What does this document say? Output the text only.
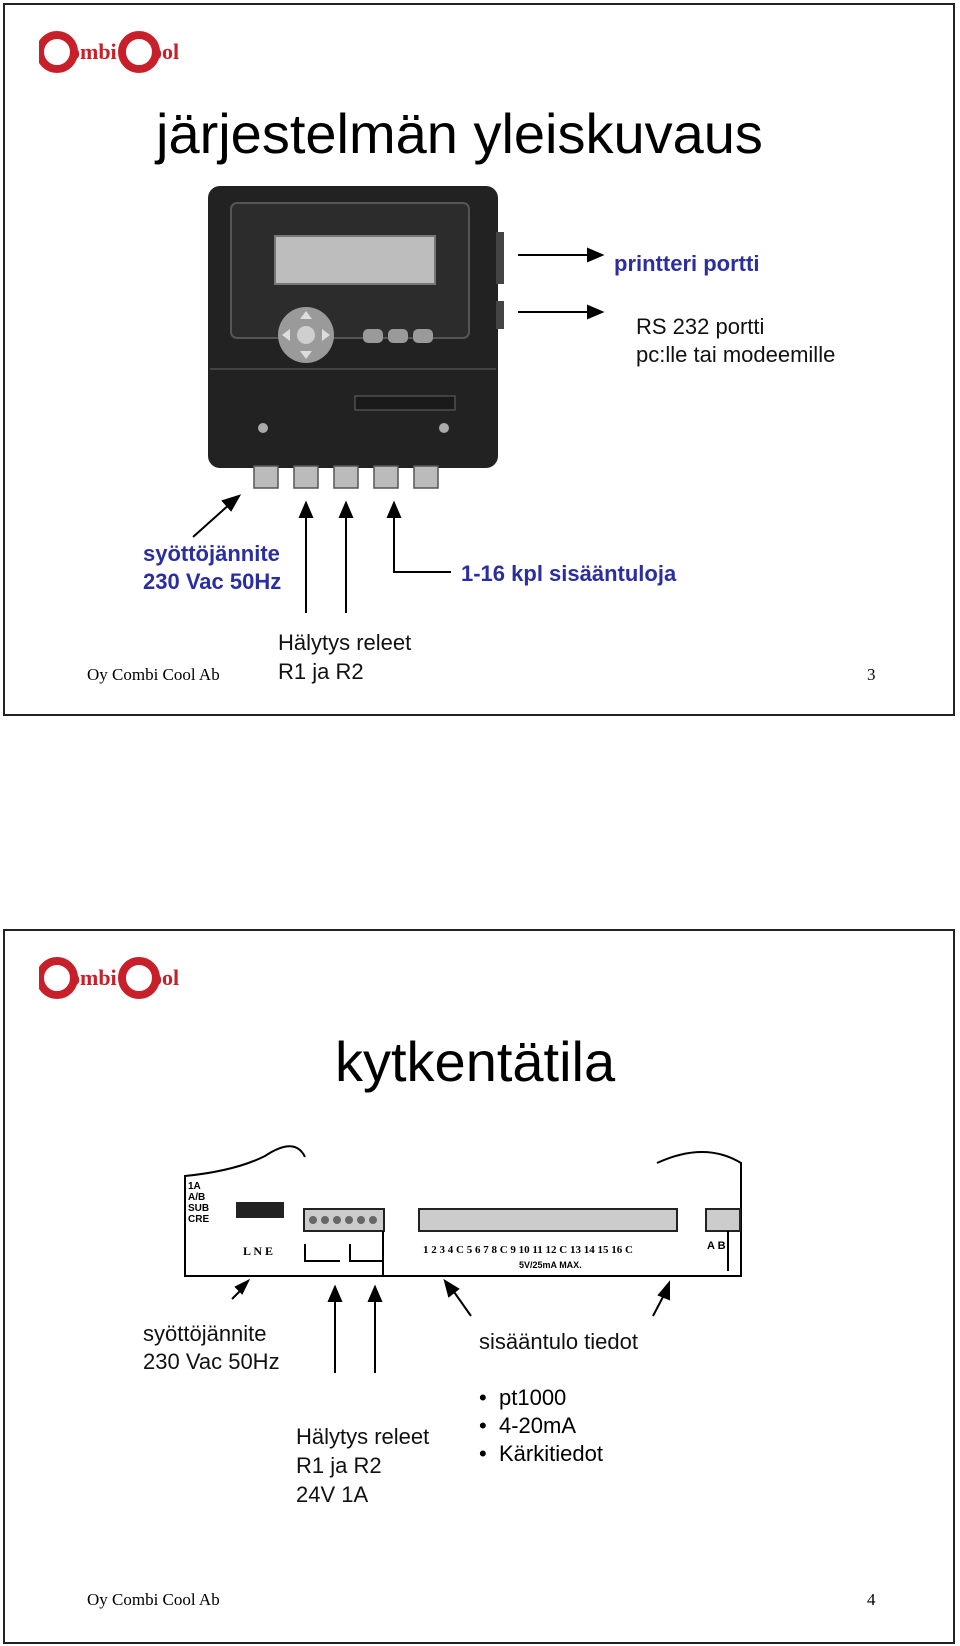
ombi ool
järjestelmän yleiskuvaus
printteri portti
RS 232 portti
pc:lle tai modeemille
syöttöjännite
230 Vac 50Hz	1-16 kpl sisääntuloja
Hälytys releet
R1 ja R2
Oy Combi Cool Ab	3
ombi ool
kytkentätila
1A
A/B
SUB
CRE
L N E	1 2 3 4 C 5 6 7 8 C 9 10 11 12 C 13 14 15 16 C
5V/25mA MAX.
A B
syöttöjännite
230 Vac 50Hz
Hälytys releet
R1 ja R2
24V 1A
sisääntulo tiedot
• pt1000
• 4-20mA
• Kärkitiedot
Oy Combi Cool Ab	4
